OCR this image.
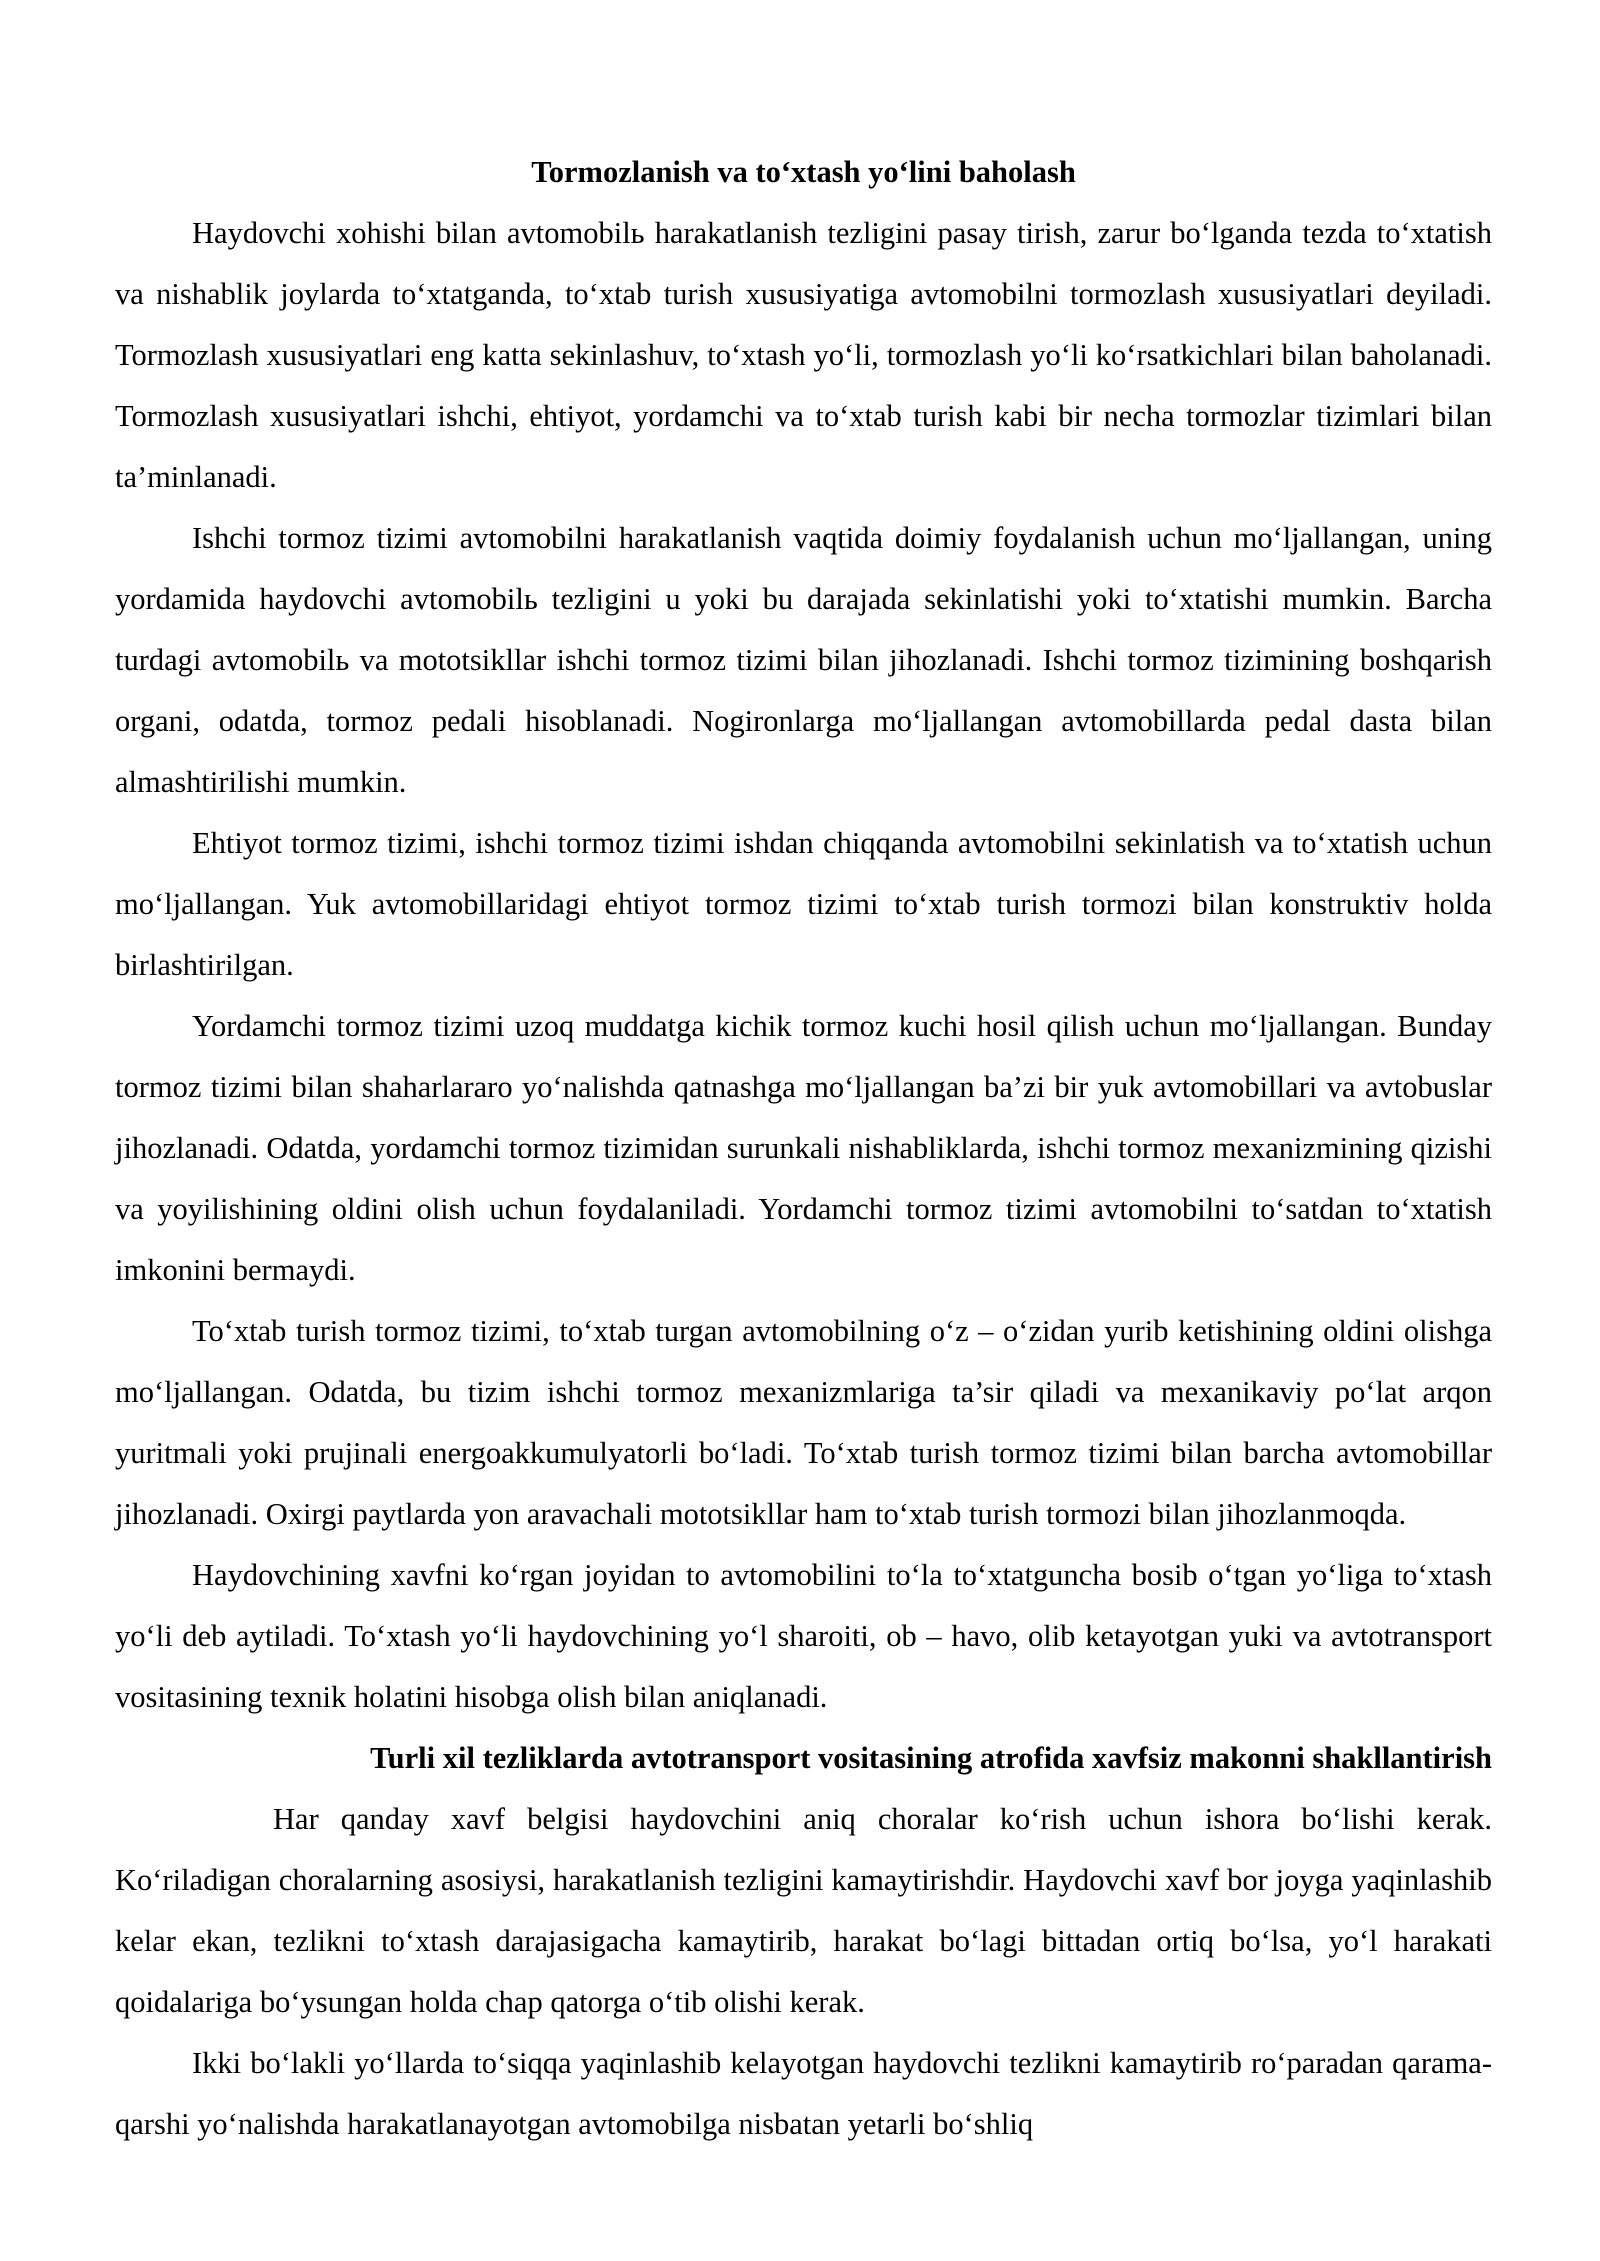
Tormozlanish va to‘xtash yo‘lini baholash

Haydovchi xohishi bilan avtomobilь harakatlanish tezligini pasay tirish, zarur bo‘lganda tezda to‘xtatish va nishablik joylarda to‘xtatganda, to‘xtab turish xususiyatiga avtomobilni tormozlash xususiyatlari deyiladi. Tormozlash xususiyatlari eng katta sekinlashuv, to‘xtash yo‘li, tormozlash yo‘li ko‘rsatkichlari bilan baholanadi. Tormozlash xususiyatlari ishchi, ehtiyot, yordamchi va to‘xtab turish kabi bir necha tormozlar tizimlari bilan ta’minlanadi.

Ishchi tormoz tizimi avtomobilni harakatlanish vaqtida doimiy foydalanish uchun mo‘ljallangan, uning yordamida haydovchi avtomobilь tezligini u yoki bu darajada sekinlatishi yoki to‘xtatishi mumkin. Barcha turdagi avtomobilь va mototsikllar ishchi tormoz tizimi bilan jihozlanadi. Ishchi tormoz tizimining boshqarish organi, odatda, tormoz pedali hisoblanadi. Nogironlarga mo‘ljallangan avtomobillarda pedal dasta bilan almashtirilishi mumkin.

Ehtiyot tormoz tizimi, ishchi tormoz tizimi ishdan chiqqanda avtomobilni sekinlatish va to‘xtatish uchun mo‘ljallangan. Yuk avtomobillaridagi ehtiyot tormoz tizimi to‘xtab turish tormozi bilan konstruktiv holda birlashtirilgan.

Yordamchi tormoz tizimi uzoq muddatga kichik tormoz kuchi hosil qilish uchun mo‘ljallangan. Bunday tormoz tizimi bilan shaharlararo yo‘nalishda qatnashga mo‘ljallangan ba’zi bir yuk avtomobillari va avtobuslar jihozlanadi. Odatda, yordamchi tormoz tizimidan surunkali nishabliklarda, ishchi tormoz mexanizmining qizishi va yoyilishining oldini olish uchun foydalaniladi. Yordamchi tormoz tizimi avtomobilni to‘satdan to‘xtatish imkonini bermaydi.

To‘xtab turish tormoz tizimi, to‘xtab turgan avtomobilning o‘z – o‘zidan yurib ketishining oldini olishga mo‘ljallangan. Odatda, bu tizim ishchi tormoz mexanizmlariga ta’sir qiladi va mexanikaviy po‘lat arqon yuritmali yoki prujinali energoakkumulyatorli bo‘ladi. To‘xtab turish tormoz tizimi bilan barcha avtomobillar jihozlanadi. Oxirgi paytlarda yon aravachali mototsikllar ham to‘xtab turish tormozi bilan jihozlanmoqda.

Haydovchining xavfni ko‘rgan joyidan to avtomobilini to‘la to‘xtatguncha bosib o‘tgan yo‘liga to‘xtash yo‘li deb aytiladi. To‘xtash yo‘li haydovchining yo‘l sharoiti, ob – havo, olib ketayotgan yuki va avtotransport vositasining texnik holatini hisobga olish bilan aniqlanadi.

Turli xil tezliklarda avtotransport vositasining atrofida xavfsiz makonni shakllantirish

Har qanday xavf belgisi haydovchini aniq choralar ko‘rish uchun ishora bo‘lishi kerak. Ko‘riladigan choralarning asosiysi, harakatlanish tezligini kamaytirishdir. Haydovchi xavf bor joyga yaqinlashib kelar ekan, tezlikni to‘xtash darajasigacha kamaytirib, harakat bo‘lagi bittadan ortiq bo‘lsa, yo‘l harakati qoidalariga bo‘ysungan holda chap qatorga o‘tib olishi kerak.

Ikki bo‘lakli yo‘llarda to‘siqqa yaqinlashib kelayotgan haydovchi tezlikni kamaytirib ro‘paradan qarama-qarshi yo‘nalishda harakatlanayotgan avtomobilga nisbatan yetarli bo‘shliq
